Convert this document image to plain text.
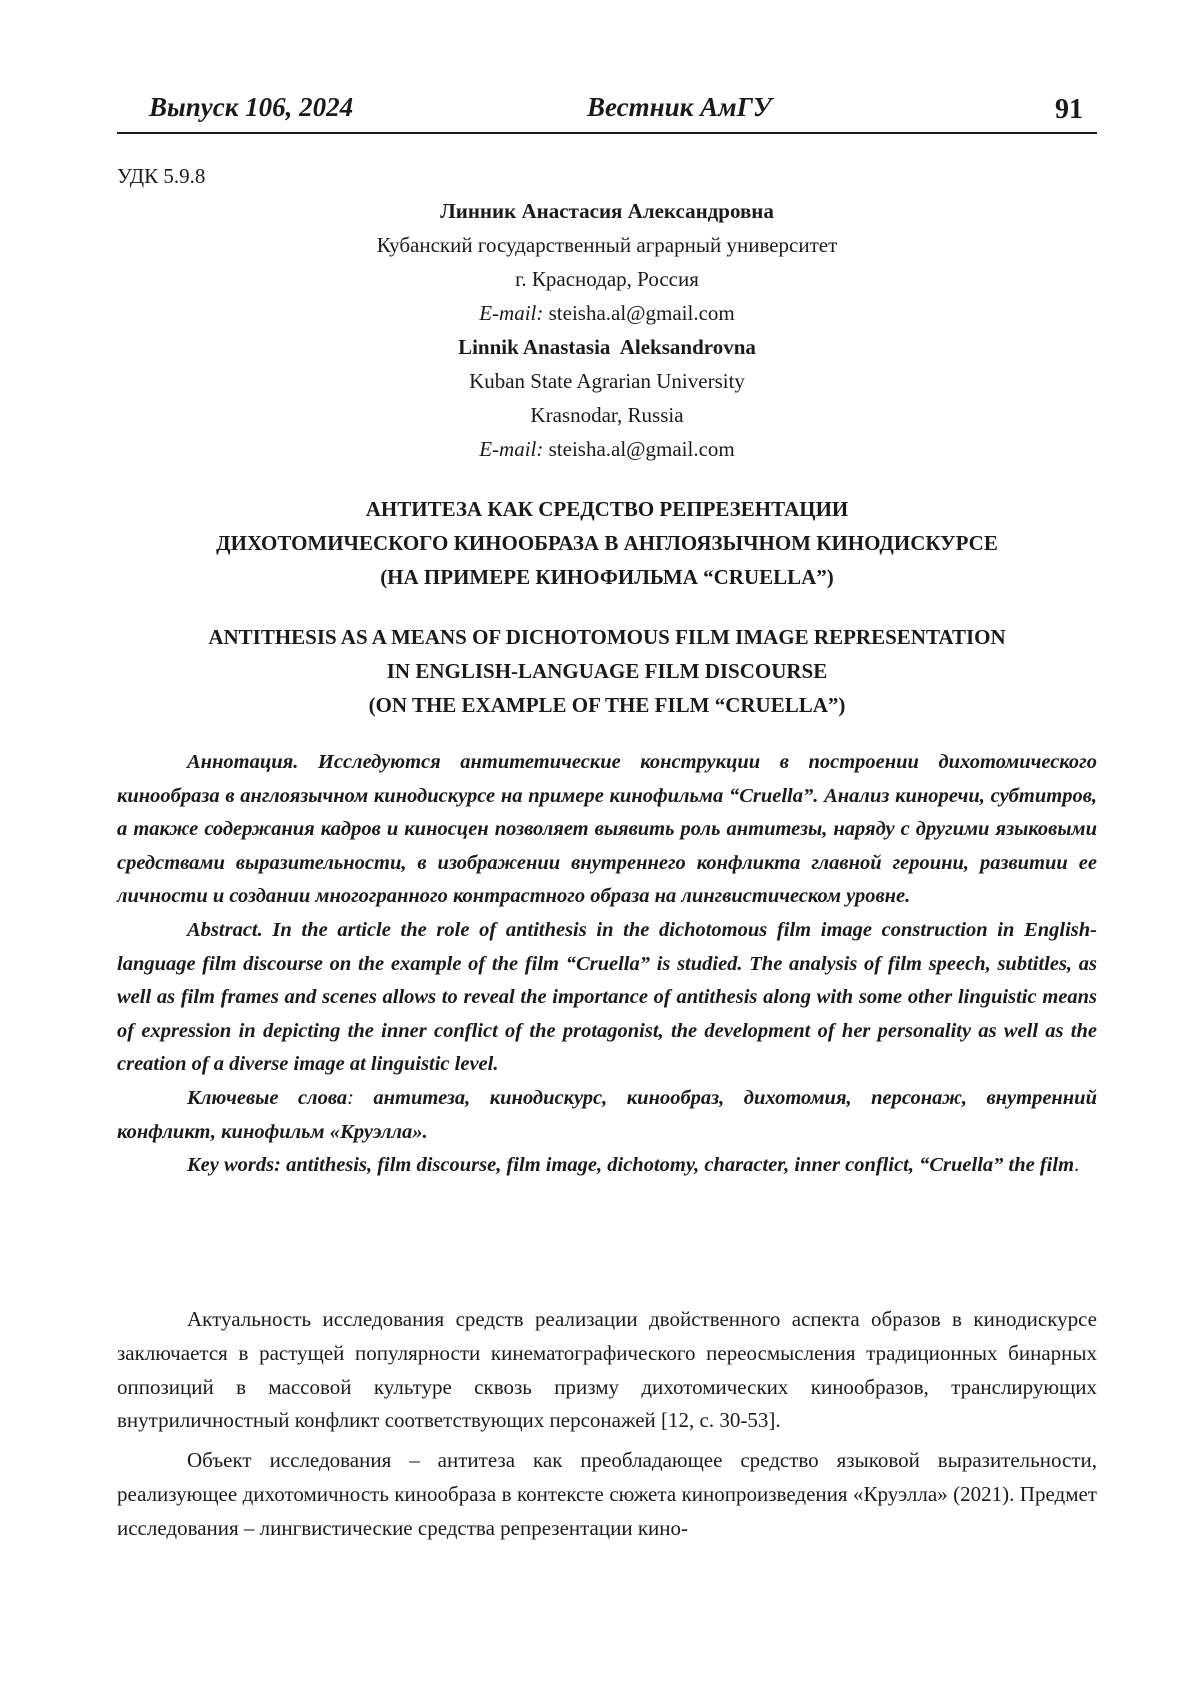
Выпуск 106, 2024	Вестник АмГУ	91
УДК 5.9.8
Линник Анастасия Александровна
Кубанский государственный аграрный университет
г. Краснодар, Россия
E-mail: steisha.al@gmail.com
Linnik Anastasia  Aleksandrovna
Kuban State Agrarian University
Krasnodar, Russia
E-mail: steisha.al@gmail.com
АНТИТЕЗА КАК СРЕДСТВО РЕПРЕЗЕНТАЦИИ
ДИХОТОМИЧЕСКОГО КИНООБРАЗА В АНГЛОЯЗЫЧНОМ КИНОДИСКУРСЕ
(НА ПРИМЕРЕ КИНОФИЛЬМА “CRUELLA”)
ANTITHESIS AS A MEANS OF DICHOTOMOUS FILM IMAGE REPRESENTATION
IN ENGLISH-LANGUAGE FILM DISCOURSE
(ON THE EXAMPLE OF THE FILM “CRUELLA”)

Аннотация. Исследуются антитетические конструкции в построении дихотомического кинообраза в англоязычном кинодискурсе на примере кинофильма “Cruella”. Анализ киноречи, субтитров, а также содержания кадров и киносцен позволяет выявить роль антитезы, наряду с другими языковыми средствами выразительности, в изображении внутреннего конфликта главной героини, развитии ее личности и создании многогранного контрастного образа на лингвистическом уровне.

Abstract. In the article the role of antithesis in the dichotomous film image construction in English-language film discourse on the example of the film “Cruella” is studied. The analysis of film speech, subtitles, as well as film frames and scenes allows to reveal the importance of antithesis along with some other linguistic means of expression in depicting the inner conflict of the protagonist, the development of her personality as well as the creation of a diverse image at linguistic level.

Ключевые слова: антитеза, кинодискурс, кинообраз, дихотомия, персонаж, внутренний конфликт, кинофильм «Круэлла».

Key words: antithesis, film discourse, film image, dichotomy, character, inner conflict, “Cruella” the film.

Актуальность исследования средств реализации двойственного аспекта образов в кинодискурсе заключается в растущей популярности кинематографического переосмысления традиционных бинарных оппозиций в массовой культуре сквозь призму дихотомических кинообразов, транслирующих внутриличностный конфликт соответствующих персонажей [12, с. 30-53].

Объект исследования – антитеза как преобладающее средство языковой выразительности, реализующее дихотомичность кинообраза в контексте сюжета кинопроизведения «Круэлла» (2021). Предмет исследования – лингвистические средства репрезентации кино-
